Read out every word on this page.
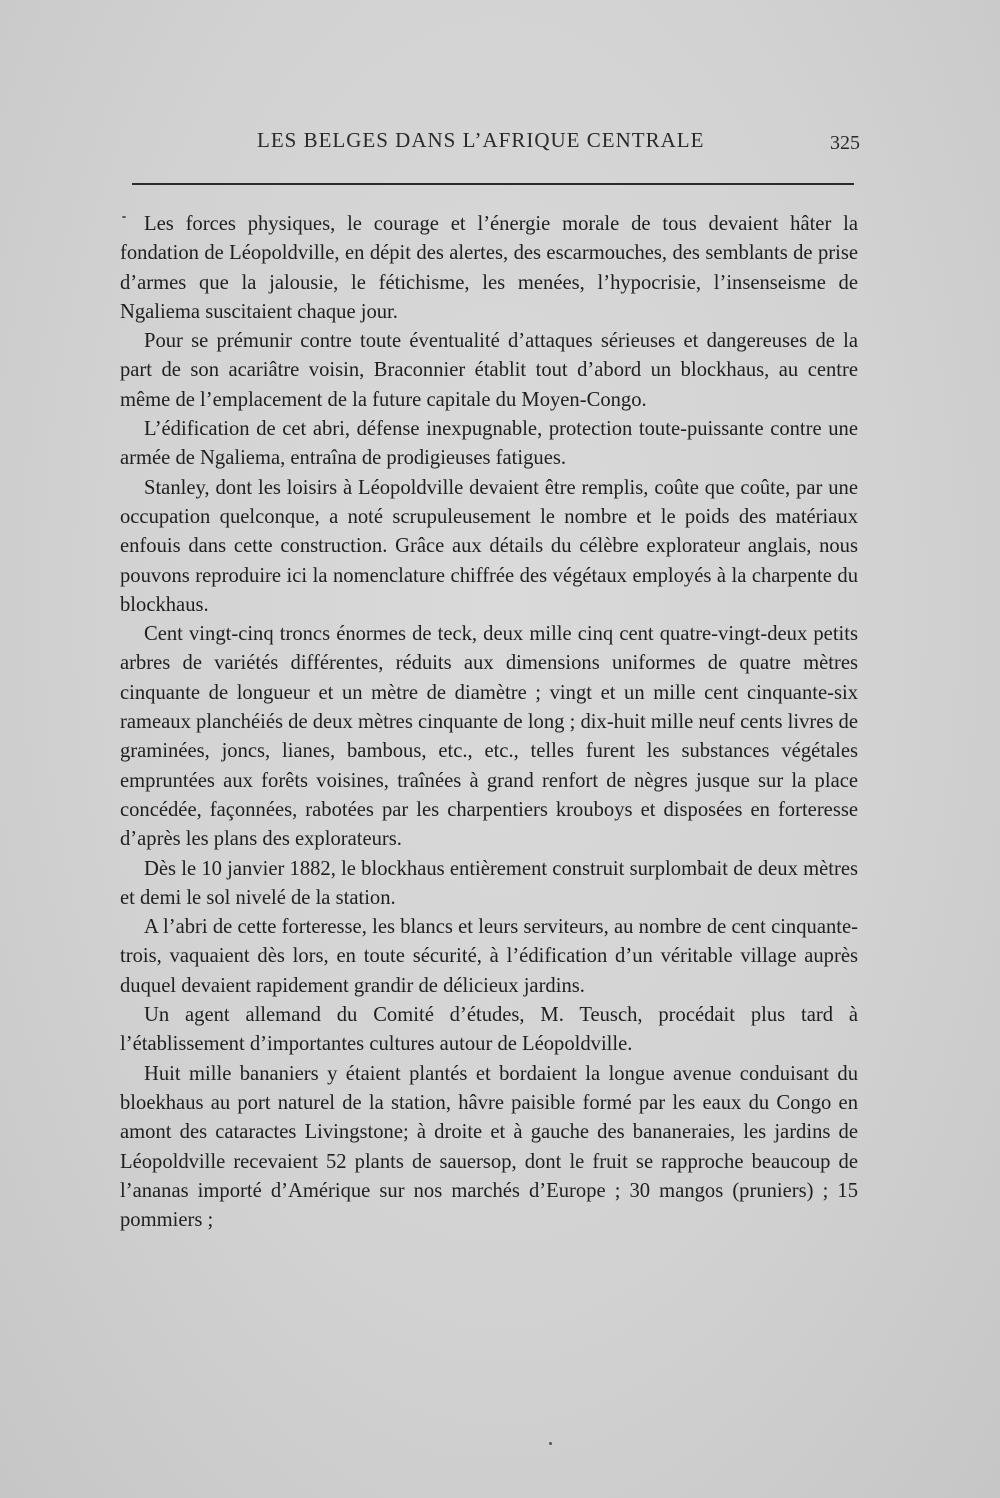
LES BELGES DANS L’AFRIQUE CENTRALE	325

Les forces physiques, le courage et l’énergie morale de tous devaient hâter la fondation de Léopoldville, en dépit des alertes, des escarmouches, des semblants de prise d’armes que la jalousie, le fétichisme, les menées, l’hypocrisie, l’insenseisme de Ngaliema suscitaient chaque jour.

Pour se prémunir contre toute éventualité d’attaques sérieuses et dangereuses de la part de son acariâtre voisin, Braconnier établit tout d’abord un blockhaus, au centre même de l’emplacement de la future capitale du Moyen-Congo.

L’édification de cet abri, défense inexpugnable, protection toute-puissante contre une armée de Ngaliema, entraîna de prodigieuses fatigues.

Stanley, dont les loisirs à Léopoldville devaient être remplis, coûte que coûte, par une occupation quelconque, a noté scrupuleusement le nombre et le poids des matériaux enfouis dans cette construction. Grâce aux détails du célèbre explorateur anglais, nous pouvons reproduire ici la nomenclature chiffrée des végétaux employés à la charpente du blockhaus.

Cent vingt-cinq troncs énormes de teck, deux mille cinq cent quatre-vingt-deux petits arbres de variétés différentes, réduits aux dimensions uniformes de quatre mètres cinquante de longueur et un mètre de diamètre ; vingt et un mille cent cinquante-six rameaux planchéiés de deux mètres cinquante de long ; dix-huit mille neuf cents livres de graminées, joncs, lianes, bambous, etc., etc., telles furent les substances végétales empruntées aux forêts voisines, traînées à grand renfort de nègres jusque sur la place concédée, façonnées, rabotées par les charpentiers krouboys et disposées en forteresse d’après les plans des explorateurs.

Dès le 10 janvier 1882, le blockhaus entièrement construit surplombait de deux mètres et demi le sol nivelé de la station.

A l’abri de cette forteresse, les blancs et leurs serviteurs, au nombre de cent cinquante-trois, vaquaient dès lors, en toute sécurité, à l’édification d’un véritable village auprès duquel devaient rapidement grandir de délicieux jardins.

Un agent allemand du Comité d’études, M. Teusch, procédait plus tard à l’établissement d’importantes cultures autour de Léopoldville.

Huit mille bananiers y étaient plantés et bordaient la longue avenue conduisant du bloekhaus au port naturel de la station, hâvre paisible formé par les eaux du Congo en amont des cataractes Livingstone; à droite et à gauche des bananeraies, les jardins de Léopoldville recevaient 52 plants de sauersop, dont le fruit se rapproche beaucoup de l’ananas importé d’Amérique sur nos marchés d’Europe ; 30 mangos (pruniers) ; 15 pommiers ;
